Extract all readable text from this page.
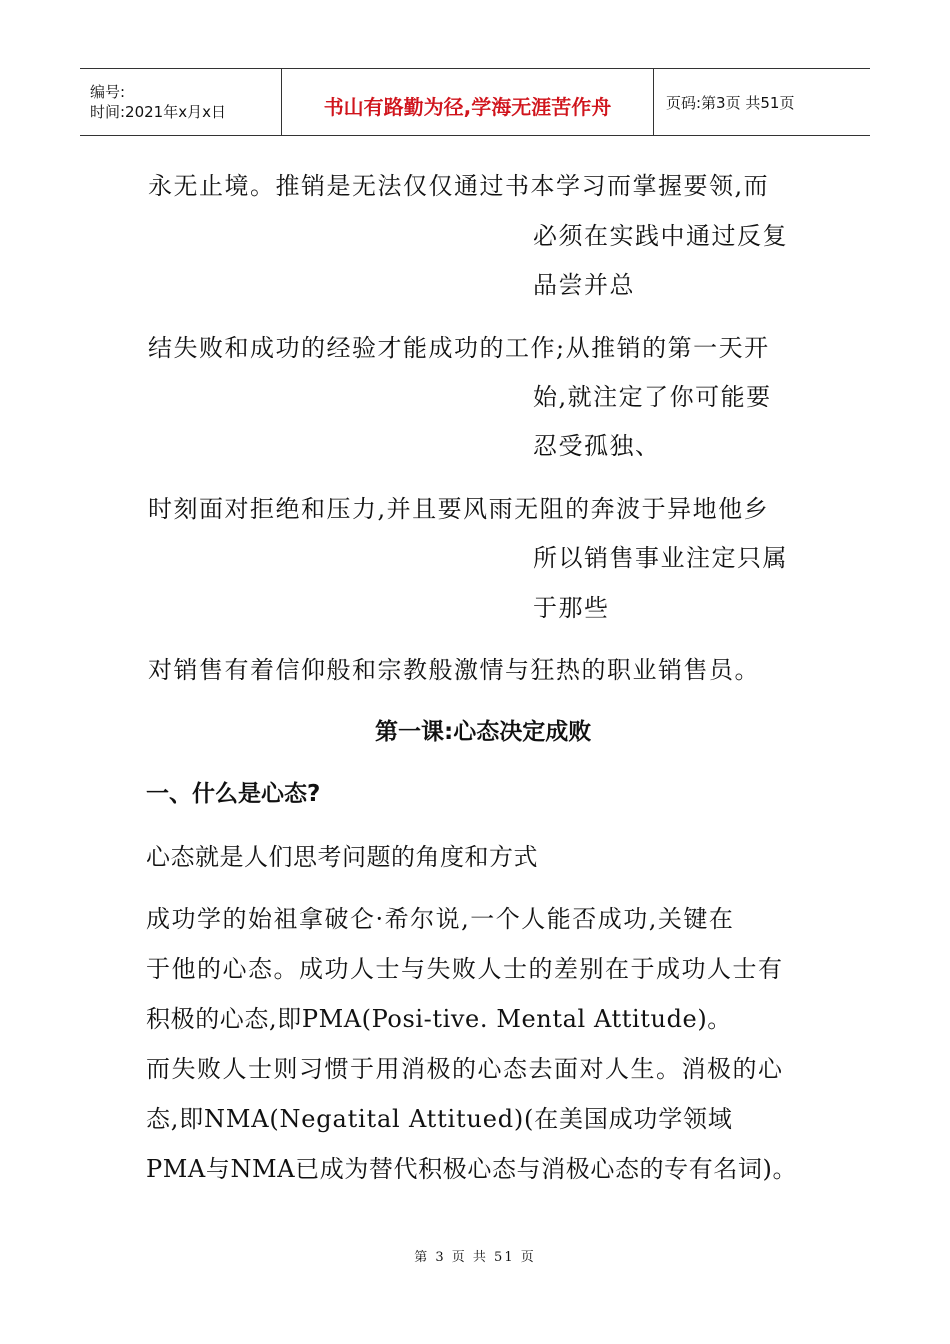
编号:
时间:2021年x月x日	书山有路勤为径,学海无涯苦作舟	页码:第3页 共51页
永无止境。推销是无法仅仅通过书本学习而掌握要领,而
必须在实践中通过反复
品尝并总
结失败和成功的经验才能成功的工作;从推销的第一天开
始,就注定了你可能要
忍受孤独、
时刻面对拒绝和压力,并且要风雨无阻的奔波于异地他乡
所以销售事业注定只属
于那些
对销售有着信仰般和宗教般激情与狂热的职业销售员。
第一课:心态决定成败
一、什么是心态?
心态就是人们思考问题的角度和方式
成功学的始祖拿破仑·希尔说,一个人能否成功,关键在
于他的心态。成功人士与失败人士的差别在于成功人士有
积极的心态,即PMA(Posi-tive. Mental Attitude)。
而失败人士则习惯于用消极的心态去面对人生。消极的心
态,即NMA(Negatital Attitued)(在美国成功学领域
PMA与NMA已成为替代积极心态与消极心态的专有名词)。
第 3 页 共 51 页
